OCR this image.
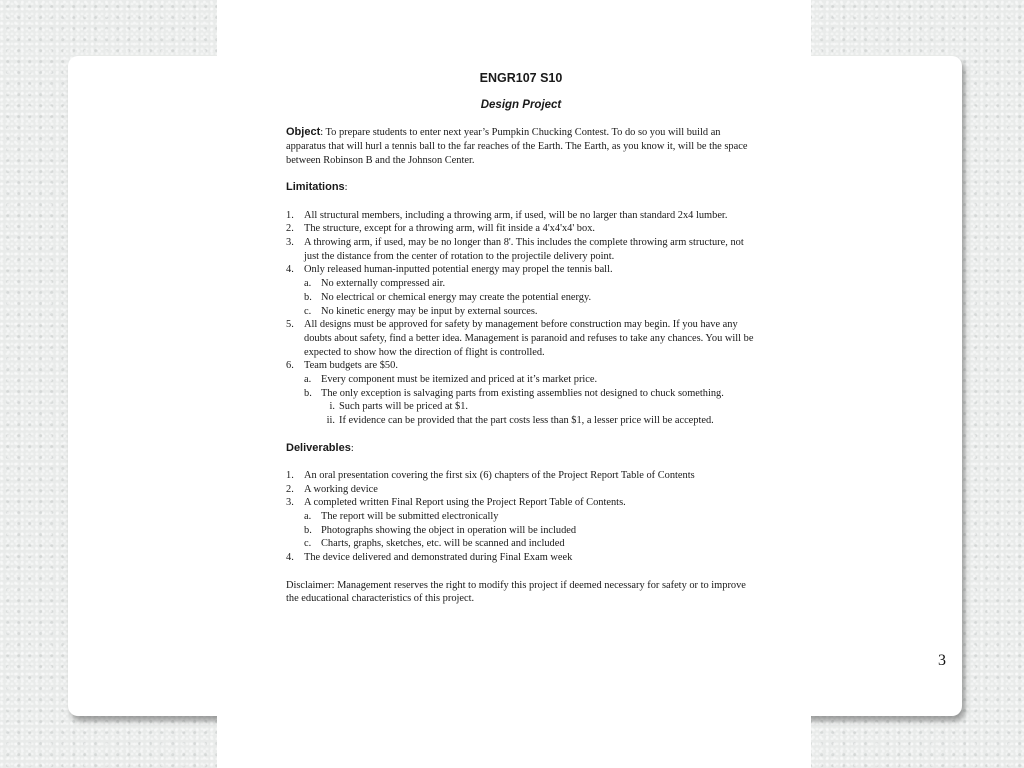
ENGR107 S10
Design Project

Object: To prepare students to enter next year’s Pumpkin Chucking Contest. To do so you will build an apparatus that will hurl a tennis ball to the far reaches of the Earth. The Earth, as you know it, will be the space between Robinson B and the Johnson Center.

Limitations:

1. All structural members, including a throwing arm, if used, will be no larger than standard 2x4 lumber.
2. The structure, except for a throwing arm, will fit inside a 4'x4'x4' box.
3. A throwing arm, if used, may be no longer than 8'. This includes the complete throwing arm structure, not just the distance from the center of rotation to the projectile delivery point.
4. Only released human-inputted potential energy may propel the tennis ball.
a. No externally compressed air.
b. No electrical or chemical energy may create the potential energy.
c. No kinetic energy may be input by external sources.
5. All designs must be approved for safety by management before construction may begin. If you have any doubts about safety, find a better idea. Management is paranoid and refuses to take any chances. You will be expected to show how the direction of flight is controlled.
6. Team budgets are $50.
a. Every component must be itemized and priced at it’s market price.
b. The only exception is salvaging parts from existing assemblies not designed to chuck something.
i. Such parts will be priced at $1.
ii. If evidence can be provided that the part costs less than $1, a lesser price will be accepted.

Deliverables:

1. An oral presentation covering the first six (6) chapters of the Project Report Table of Contents
2. A working device
3. A completed written Final Report using the Project Report Table of Contents.
a. The report will be submitted electronically
b. Photographs showing the object in operation will be included
c. Charts, graphs, sketches, etc. will be scanned and included
4. The device delivered and demonstrated during Final Exam week

Disclaimer: Management reserves the right to modify this project if deemed necessary for safety or to improve the educational characteristics of this project.

3
